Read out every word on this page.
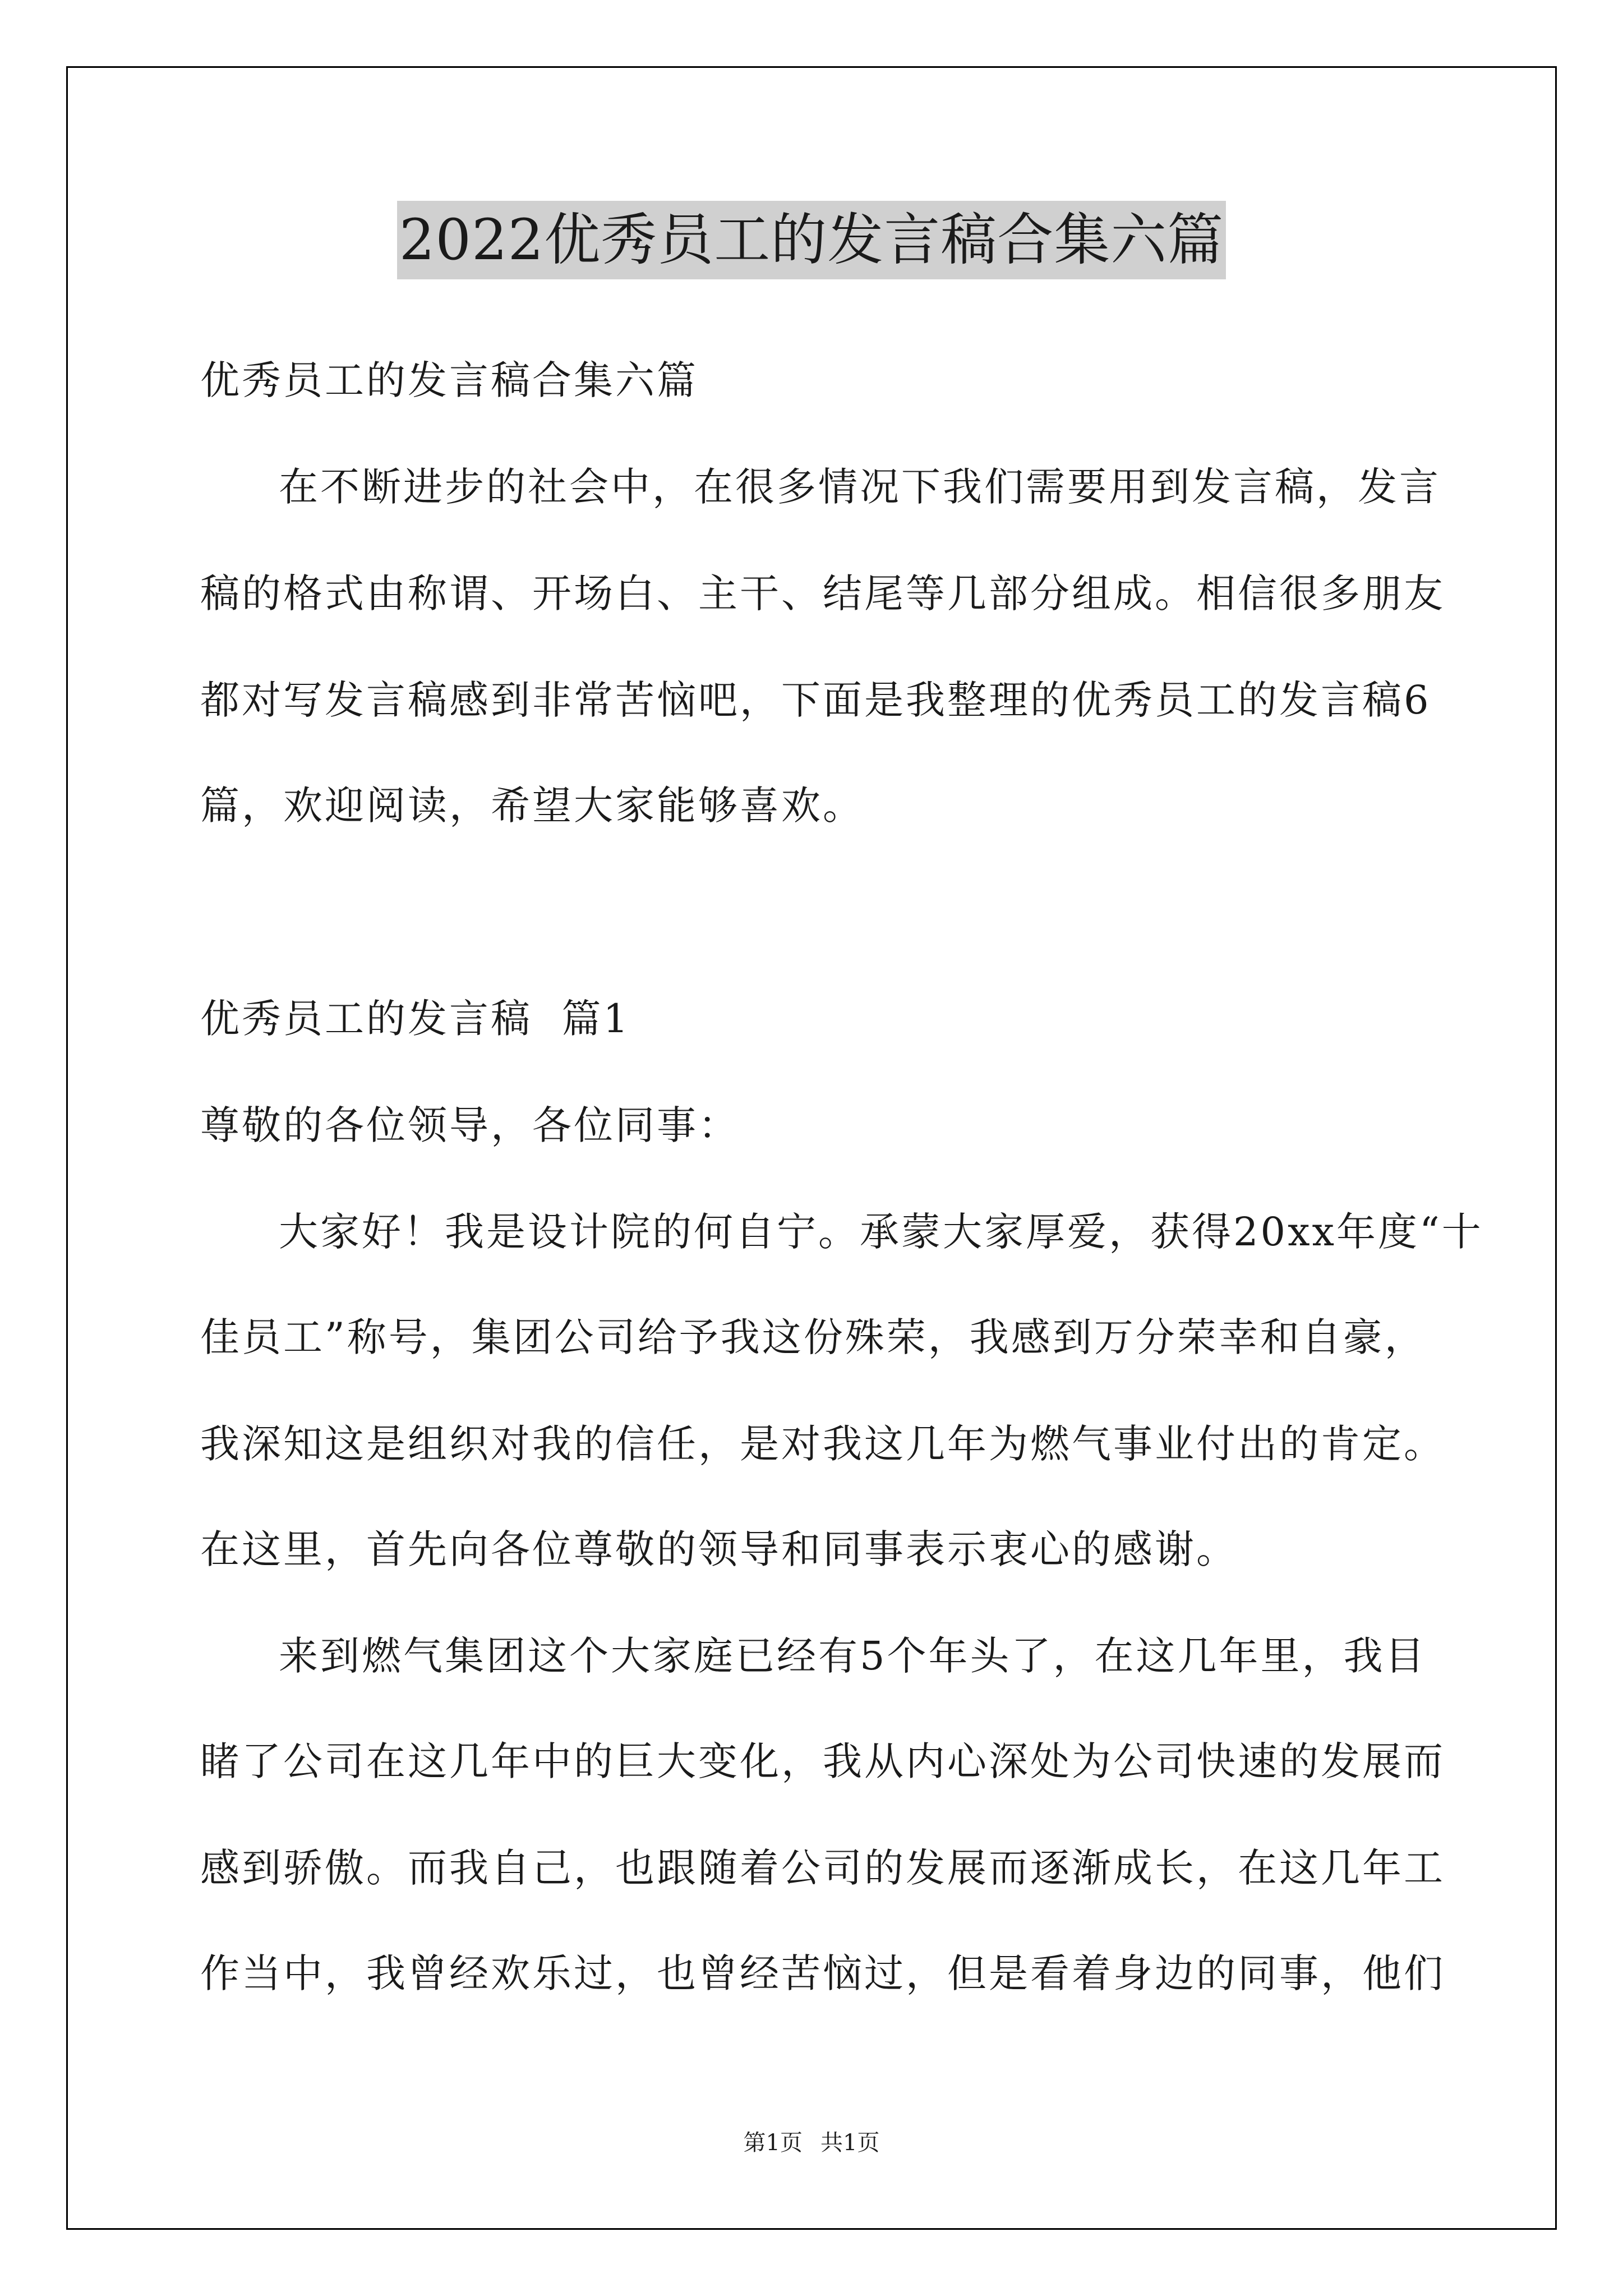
2022优秀员工的发言稿合集六篇
优秀员工的发言稿合集六篇
在不断进步的社会中，在很多情况下我们需要用到发言稿，发言
稿的格式由称谓、开场白、主干、结尾等几部分组成。相信很多朋友
都对写发言稿感到非常苦恼吧，下面是我整理的优秀员工的发言稿6
篇，欢迎阅读，希望大家能够喜欢。
优秀员工的发言稿  篇1
尊敬的各位领导，各位同事：
大家好！我是设计院的何自宁。承蒙大家厚爱，获得20xx年度“十
佳员工”称号，集团公司给予我这份殊荣，我感到万分荣幸和自豪，
我深知这是组织对我的信任，是对我这几年为燃气事业付出的肯定。
在这里，首先向各位尊敬的领导和同事表示衷心的感谢。
来到燃气集团这个大家庭已经有5个年头了，在这几年里，我目
睹了公司在这几年中的巨大变化，我从内心深处为公司快速的发展而
感到骄傲。而我自己，也跟随着公司的发展而逐渐成长，在这几年工
作当中，我曾经欢乐过，也曾经苦恼过，但是看着身边的同事，他们
第1页 共1页
